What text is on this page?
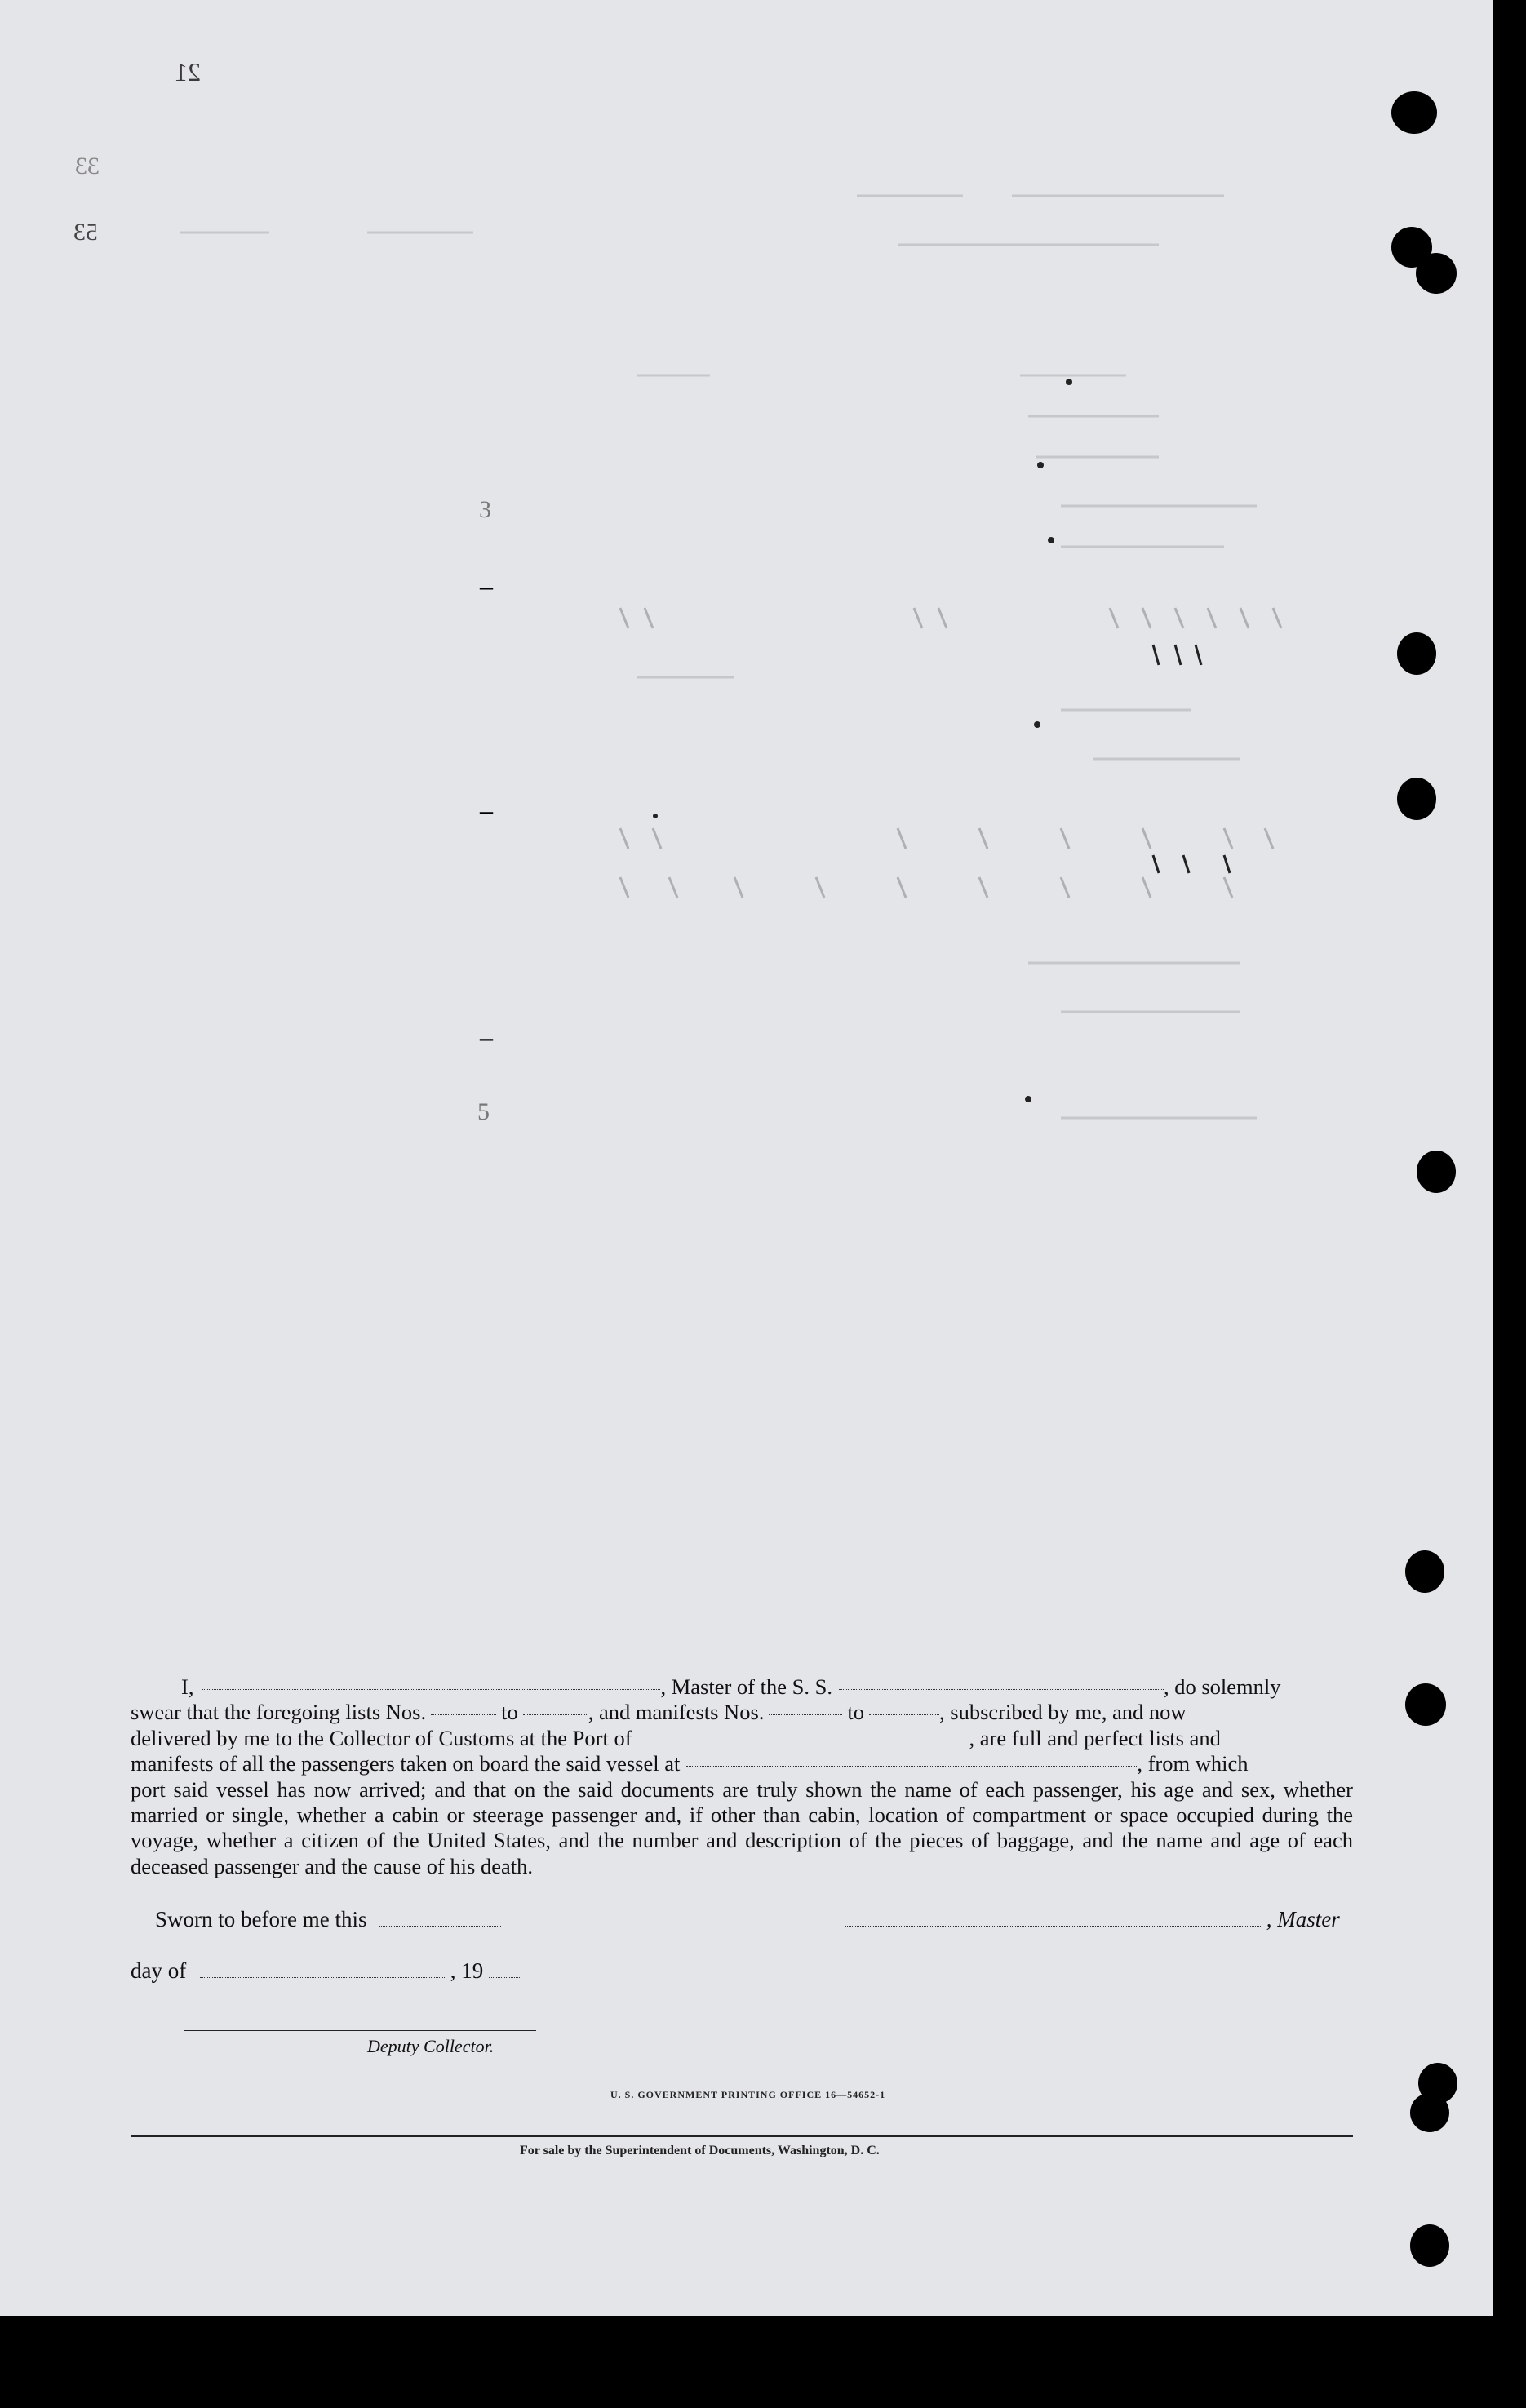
21
33
53
3
–
–
–
5
I,	, Master of the S. S.	, do solemnly
swear that the foregoing lists Nos.	to	, and manifests Nos.	to	, subscribed by me, and now
delivered by me to the Collector of Customs at the Port of	, are full and perfect lists and
manifests of all the passengers taken on board the said vessel at	, from which
port said vessel has now arrived; and that on the said documents are truly shown the name of each passenger, his age and sex, whether married or single, whether a cabin or steerage passenger and, if other than cabin, location of compartment or space occupied during the voyage, whether a citizen of the United States, and the number and description of the pieces of baggage, and the name and age of each deceased passenger and the cause of his death.
Sworn to before me this	, Master
day of	, 19
Deputy Collector.
U. S. GOVERNMENT PRINTING OFFICE 16—54652-1
For sale by the Superintendent of Documents, Washington, D. C.
